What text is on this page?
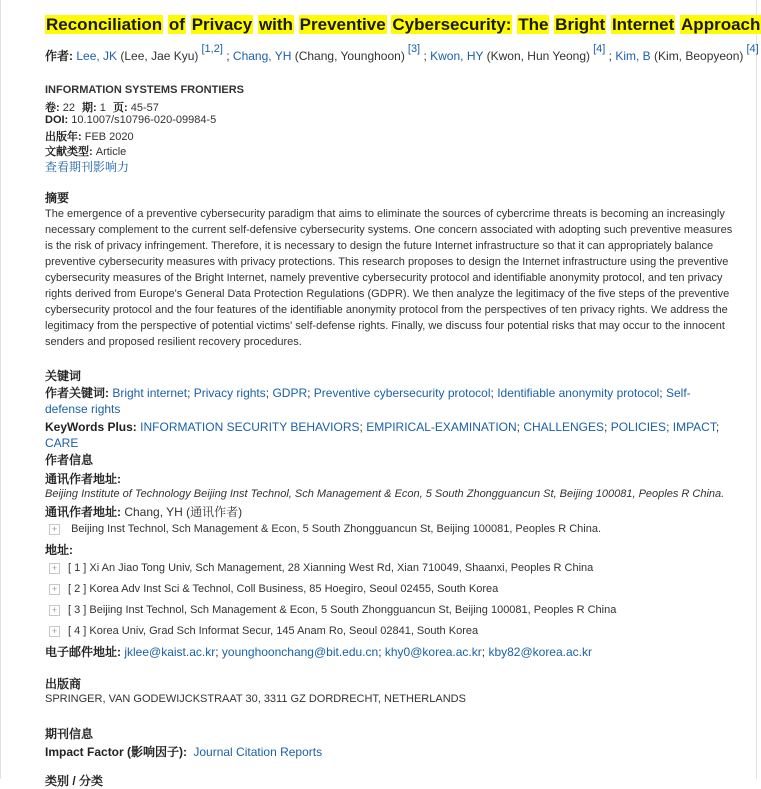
Reconciliation of Privacy with Preventive Cybersecurity: The Bright Internet Approach
作者: Lee, JK (Lee, Jae Kyu) [1,2] ; Chang, YH (Chang, Younghoon) [3] ; Kwon, HY (Kwon, Hun Yeong) [4] ; Kim, B (Kim, Beopyeon) [4]
INFORMATION SYSTEMS FRONTIERS
卷: 22 期: 1 页: 45-57
DOI: 10.1007/s10796-020-09984-5
出版年: FEB 2020
文献类型: Article
查看期刊影响力
摘要
The emergence of a preventive cybersecurity paradigm that aims to eliminate the sources of cybercrime threats is becoming an increasingly necessary complement to the current self-defensive cybersecurity systems. One concern associated with adopting such preventive measures is the risk of privacy infringement. Therefore, it is necessary to design the future Internet infrastructure so that it can appropriately balance preventive cybersecurity measures with privacy protections. This research proposes to design the Internet infrastructure using the preventive cybersecurity measures of the Bright Internet, namely preventive cybersecurity protocol and identifiable anonymity protocol, and ten privacy rights derived from Europe's General Data Protection Regulations (GDPR). We then analyze the legitimacy of the five steps of the preventive cybersecurity protocol and the four features of the identifiable anonymity protocol from the perspectives of ten privacy rights. We address the legitimacy from the perspective of potential victims' self-defense rights. Finally, we discuss four potential risks that may occur to the innocent senders and proposed resilient recovery procedures.
关键词
作者关键词: Bright internet; Privacy rights; GDPR; Preventive cybersecurity protocol; Identifiable anonymity protocol; Self-defense rights
KeyWords Plus: INFORMATION SECURITY BEHAVIORS; EMPIRICAL-EXAMINATION; CHALLENGES; POLICIES; IMPACT; CARE
作者信息
通讯作者地址:
Beijing Institute of Technology Beijing Inst Technol, Sch Management & Econ, 5 South Zhongguancun St, Beijing 100081, Peoples R China.
通讯作者地址: Chang, YH (通讯作者)
+ Beijing Inst Technol, Sch Management & Econ, 5 South Zhongguancun St, Beijing 100081, Peoples R China.
地址:
+ [ 1 ] Xi An Jiao Tong Univ, Sch Management, 28 Xianning West Rd, Xian 710049, Shaanxi, Peoples R China
+ [ 2 ] Korea Adv Inst Sci & Technol, Coll Business, 85 Hoegiro, Seoul 02455, South Korea
+ [ 3 ] Beijing Inst Technol, Sch Management & Econ, 5 South Zhongguancun St, Beijing 100081, Peoples R China
+ [ 4 ] Korea Univ, Grad Sch Informat Secur, 145 Anam Ro, Seoul 02841, South Korea
电子邮件地址: jklee@kaist.ac.kr; younghoonchang@bit.edu.cn; khy0@korea.ac.kr; kby82@korea.ac.kr
出版商
SPRINGER, VAN GODEWIJCKSTRAAT 30, 3311 GZ DORDRECHT, NETHERLANDS
期刊信息
Impact Factor (影响因子): Journal Citation Reports
类别 / 分类
